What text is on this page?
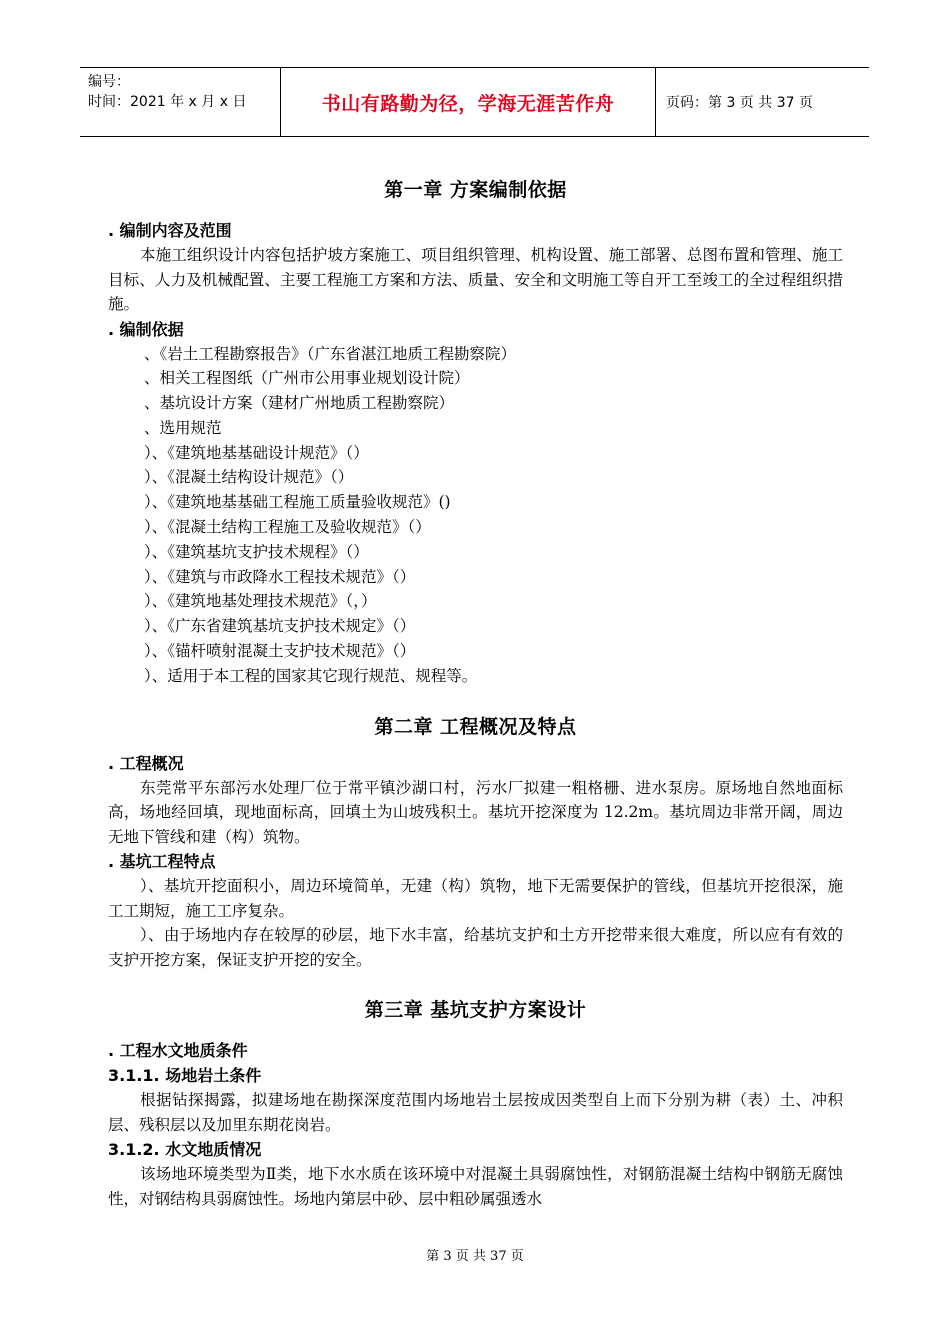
编号：
时间：2021 年 x 月 x 日	书山有路勤为径，学海无涯苦作舟	页码：第 3 页 共 37 页
第一章 方案编制依据
. 编制内容及范围

本施工组织设计内容包括护坡方案施工、项目组织管理、机构设置、施工部署、总图布置和管理、施工目标、人力及机械配置、主要工程施工方案和方法、质量、安全和文明施工等自开工至竣工的全过程组织措施。

. 编制依据
、《岩土工程勘察报告》（广东省湛江地质工程勘察院）
、相关工程图纸（广州市公用事业规划设计院）
、基坑设计方案（建材广州地质工程勘察院）
、选用规范
）、《建筑地基基础设计规范》（）
）、《混凝土结构设计规范》（）
）、《建筑地基基础工程施工质量验收规范》()
）、《混凝土结构工程施工及验收规范》（）
）、《建筑基坑支护技术规程》（）
）、《建筑与市政降水工程技术规范》（）
）、《建筑地基处理技术规范》（，）
）、《广东省建筑基坑支护技术规定》（）
）、《锚杆喷射混凝土支护技术规范》（）
）、适用于本工程的国家其它现行规范、规程等。
第二章 工程概况及特点
. 工程概况

东莞常平东部污水处理厂位于常平镇沙湖口村，污水厂拟建一粗格栅、进水泵房。原场地自然地面标高，场地经回填，现地面标高，回填土为山坡残积土。基坑开挖深度为 12.2m。基坑周边非常开阔，周边无地下管线和建（构）筑物。

. 基坑工程特点

）、基坑开挖面积小，周边环境简单，无建（构）筑物，地下无需要保护的管线，但基坑开挖很深，施工工期短，施工工序复杂。

）、由于场地内存在较厚的砂层，地下水丰富，给基坑支护和土方开挖带来很大难度，所以应有有效的支护开挖方案，保证支护开挖的安全。

第三章 基坑支护方案设计
. 工程水文地质条件
3.1.1. 场地岩土条件

根据钻探揭露，拟建场地在勘探深度范围内场地岩土层按成因类型自上而下分别为耕（表）土、冲积层、残积层以及加里东期花岗岩。

3.1.2. 水文地质情况

该场地环境类型为Ⅱ类，地下水水质在该环境中对混凝土具弱腐蚀性，对钢筋混凝土结构中钢筋无腐蚀性，对钢结构具弱腐蚀性。场地内第层中砂、层中粗砂属强透水

第 3 页 共 37 页
